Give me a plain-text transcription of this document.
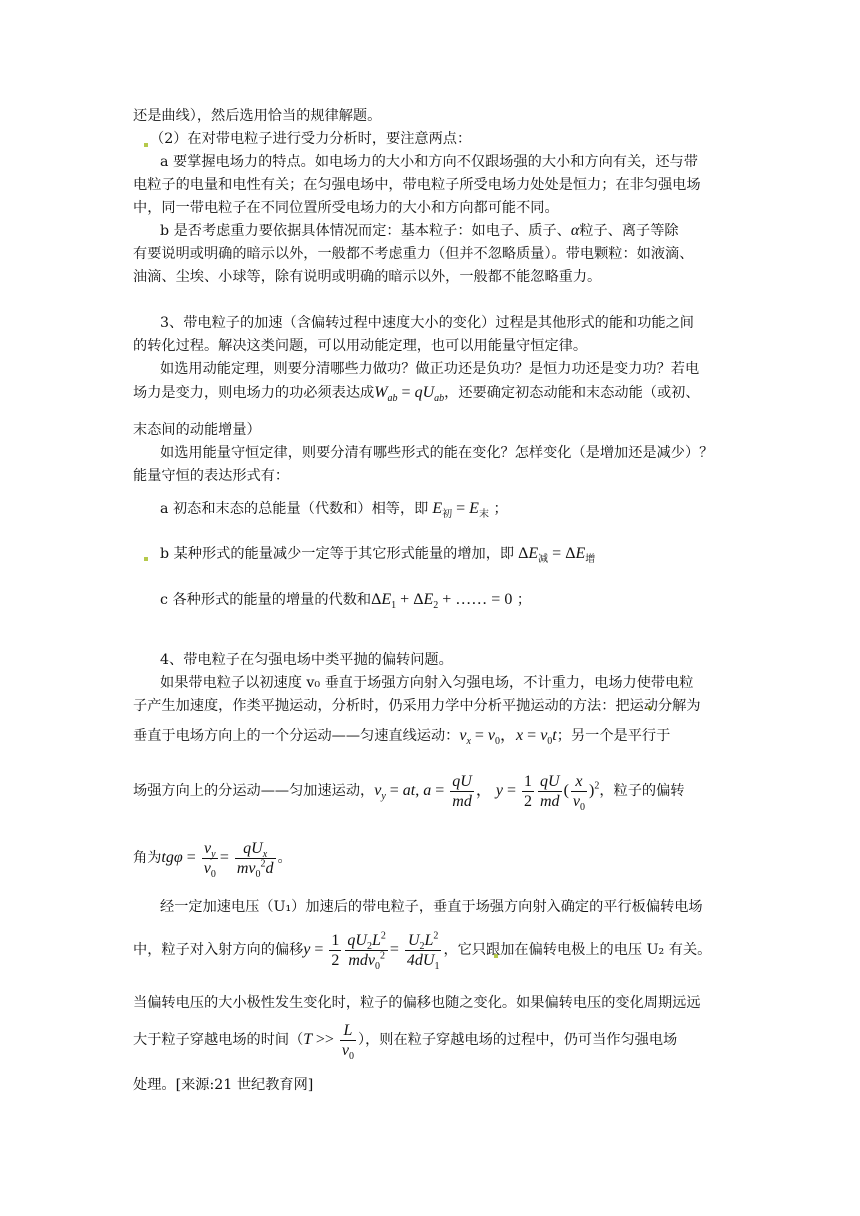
还是曲线），然后选用恰当的规律解题。
（2）在对带电粒子进行受力分析时，要注意两点：
a 要掌握电场力的特点。如电场力的大小和方向不仅跟场强的大小和方向有关，还与带
电粒子的电量和电性有关；在匀强电场中，带电粒子所受电场力处处是恒力；在非匀强电场
中，同一带电粒子在不同位置所受电场力的大小和方向都可能不同。
b 是否考虑重力要依据具体情况而定：基本粒子：如电子、质子、α粒子、离子等除
有要说明或明确的暗示以外，一般都不考虑重力（但并不忽略质量）。带电颗粒：如液滴、
油滴、尘埃、小球等，除有说明或明确的暗示以外，一般都不能忽略重力。
3、带电粒子的加速（含偏转过程中速度大小的变化）过程是其他形式的能和功能之间
的转化过程。解决这类问题，可以用动能定理，也可以用能量守恒定律。
如选用动能定理，则要分清哪些力做功？做正功还是负功？是恒力功还是变力功？若电
场力是变力，则电场力的功必须表达成$W_{ab} = qU_{ab}$，还要确定初态动能和末态动能（或初、
末态间的动能增量）
如选用能量守恒定律，则要分清有哪些形式的能在变化？怎样变化（是增加还是减少）？
能量守恒的表达形式有：
a 初态和末态的总能量（代数和）相等，即 $E_初 = E_末$ ；
b 某种形式的能量减少一定等于其它形式能量的增加，即 $\Delta E_减 = \Delta E_增$
c 各种形式的能量的增量的代数和$\Delta E_1 + \Delta E_2$ + …… = 0 ；
4、带电粒子在匀强电场中类平抛的偏转问题。
如果带电粒子以初速度 v₀ 垂直于场强方向射入匀强电场，不计重力，电场力使带电粒
子产生加速度，作类平抛运动，分析时，仍采用力学中分析平抛运动的方法：把运动分解为
垂直于电场方向上的一个分运动——匀速直线运动：$v_x = v_0$，$x = v_0t$；另一个是平行于
场强方向上的分运动——匀加速运动，$v_y$ = at, $a = \frac{qU}{md}$ ， $y = \frac{1}{2} \frac{qU}{md}$ ( $\frac{x}{v_0} )^2$，粒子的偏转
角为$tg\varphi = \frac{v_y}{v_0} = \frac{qU_x}{mv_0^2d}$ 。
经一定加速电压（U₁）加速后的带电粒子，垂直于场强方向射入确定的平行板偏转电场
中，粒子对入射方向的偏移$y = \frac{1}{2} \frac{qU_2L^2}{mdv_0^2} = \frac{U_2L^2}{4dU_1}$ ，它只跟加在偏转电极上的电压 U₂ 有关。
当偏转电压的大小极性发生变化时，粒子的偏移也随之变化。如果偏转电压的变化周期远远
大于粒子穿越电场的时间（$T >> \frac{L}{v_0}$ ），则在粒子穿越电场的过程中，仍可当作匀强电场
处理。[来源:21 世纪教育网]
